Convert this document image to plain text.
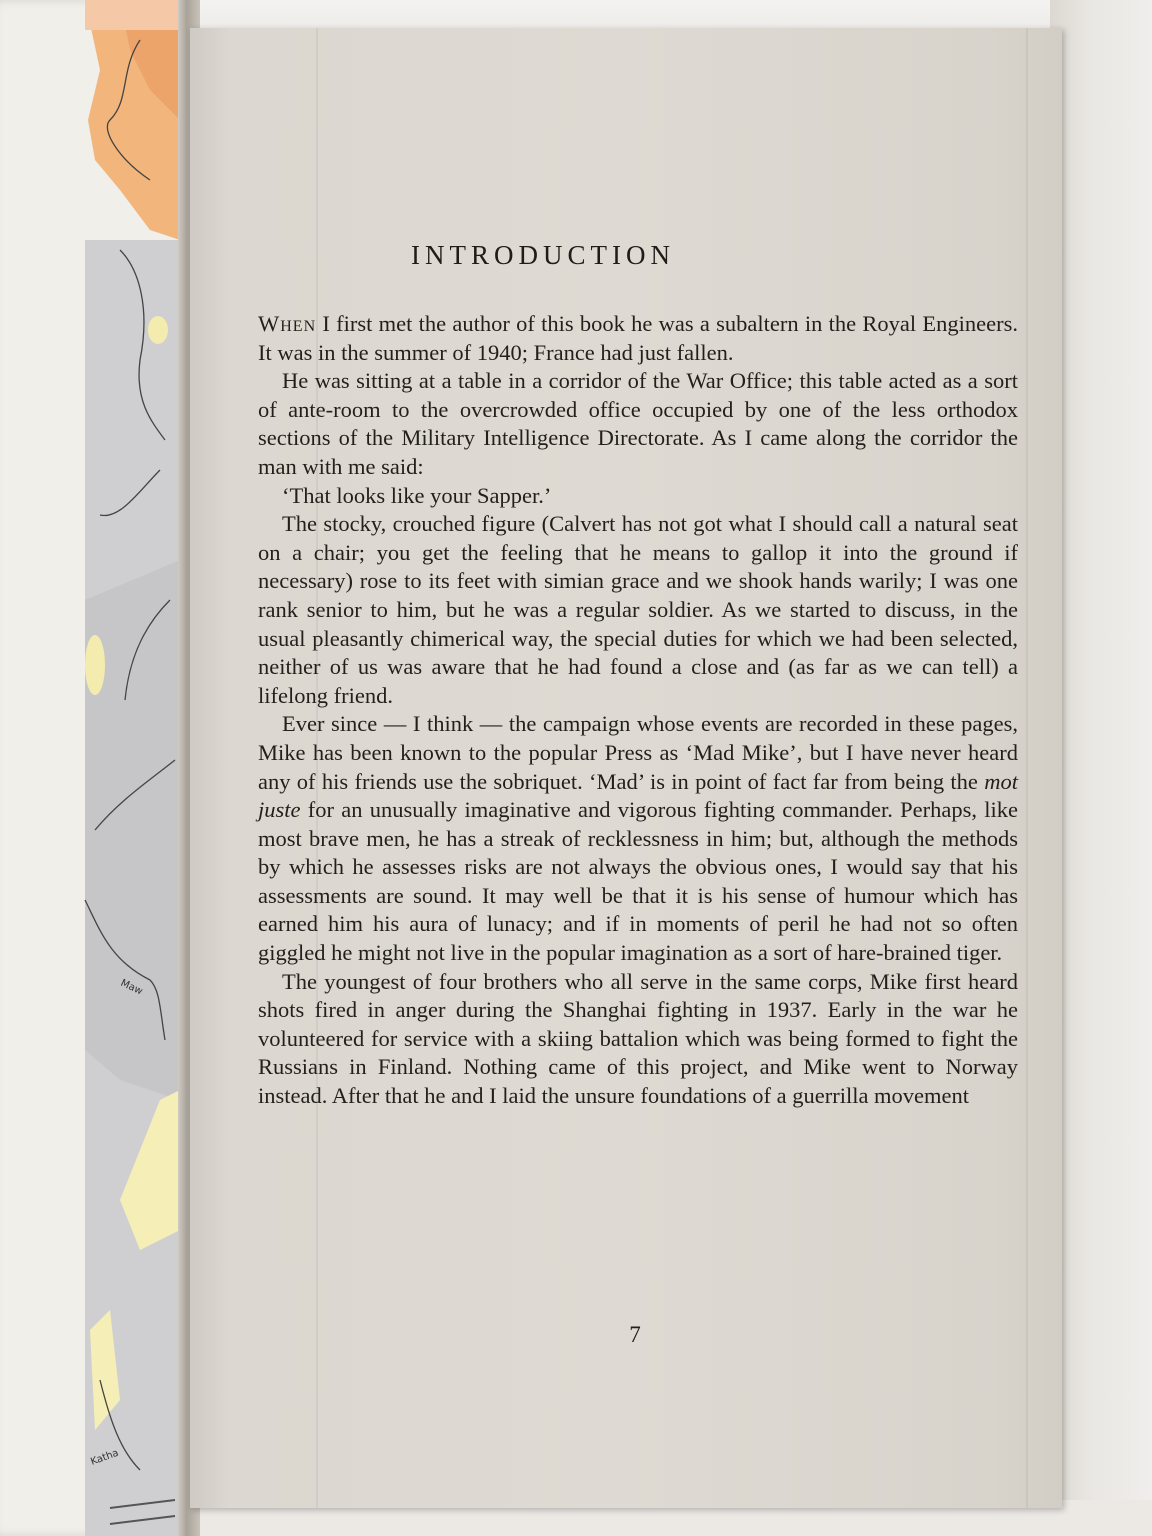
Maw
Katha
INTRODUCTION

When I first met the author of this book he was a subaltern in the Royal Engineers. It was in the summer of 1940; France had just fallen.

He was sitting at a table in a corridor of the War Office; this table acted as a sort of ante-room to the overcrowded office occupied by one of the less orthodox sections of the Military Intelligence Directorate. As I came along the corridor the man with me said:

‘That looks like your Sapper.’

The stocky, crouched figure (Calvert has not got what I should call a natural seat on a chair; you get the feeling that he means to gallop it into the ground if necessary) rose to its feet with simian grace and we shook hands warily; I was one rank senior to him, but he was a regular soldier. As we started to discuss, in the usual pleasantly chimerical way, the special duties for which we had been selected, neither of us was aware that he had found a close and (as far as we can tell) a lifelong friend.

Ever since — I think — the campaign whose events are recorded in these pages, Mike has been known to the popular Press as ‘Mad Mike’, but I have never heard any of his friends use the sobriquet. ‘Mad’ is in point of fact far from being the mot juste for an unusually imaginative and vigorous fighting commander. Perhaps, like most brave men, he has a streak of recklessness in him; but, although the methods by which he assesses risks are not always the obvious ones, I would say that his assessments are sound. It may well be that it is his sense of humour which has earned him his aura of lunacy; and if in moments of peril he had not so often giggled he might not live in the popular imagination as a sort of hare-brained tiger.

The youngest of four brothers who all serve in the same corps, Mike first heard shots fired in anger during the Shanghai fighting in 1937. Early in the war he volunteered for service with a skiing battalion which was being formed to fight the Russians in Finland. Nothing came of this project, and Mike went to Norway instead. After that he and I laid the unsure foundations of a guerrilla movement

7
